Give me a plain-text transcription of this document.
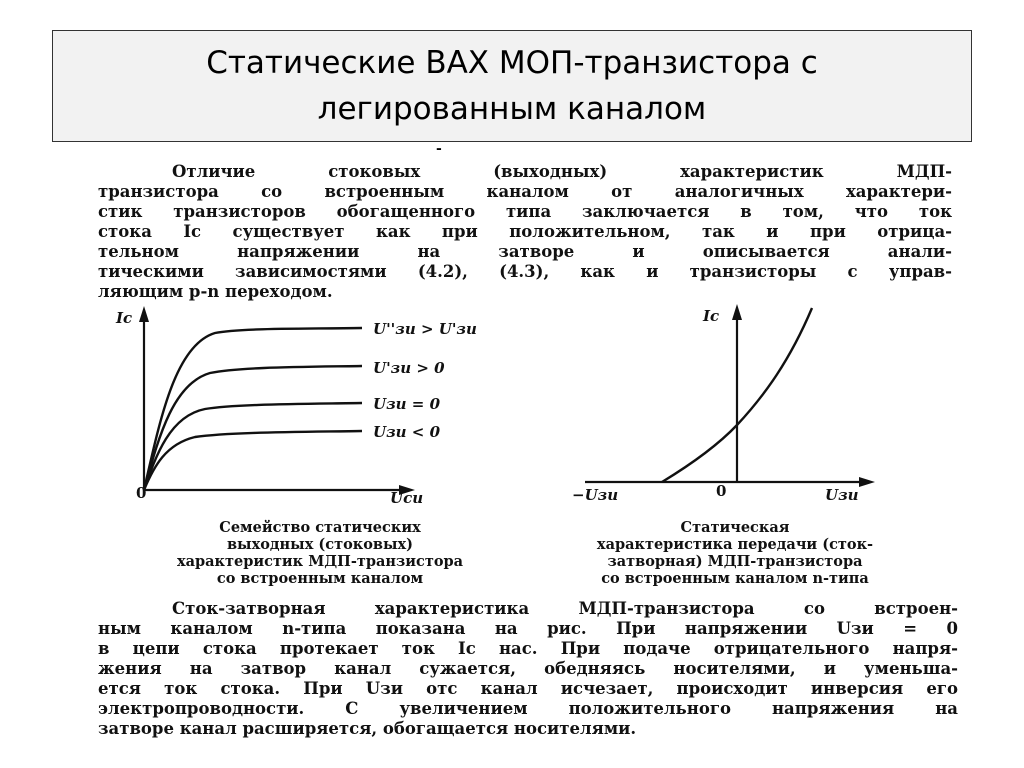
Статические ВАХ МОП-транзистора с
легированным каналом
-
Отличие стоковых (выходных) характеристик МДП-
транзистора со встроенным каналом от аналогичных характери-
стик транзисторов обогащенного типа заключается в том, что ток
стока Iс существует как при положительном, так и при отрица-
тельном напряжении на затворе и описывается анали-
тическими зависимостями (4.2), (4.3), как и транзисторы с управ-
ляющим p-n переходом.
Iс
Uси
0
U''зи > U'зи
U'зи > 0
Uзи = 0
Uзи < 0
Iс
Uзи
−Uзи	0
Семейство статических
выходных (стоковых)
характеристик МДП-транзистора
со встроенным каналом
Статическая
характеристика передачи (сток-
затворная) МДП-транзистора
со встроенным каналом n-типа
Сток-затворная характеристика МДП-транзистора со встроен-
ным каналом n-типа показана на рис. При напряжении Uзи = 0
в цепи стока протекает ток Iс нас. При подаче отрицательного напря-
жения на затвор канал сужается, обедняясь носителями, и уменьша-
ется ток стока. При Uзи отс канал исчезает, происходит инверсия его
электропроводности. С увеличением положительного напряжения на
затворе канал расширяется, обогащается носителями.
